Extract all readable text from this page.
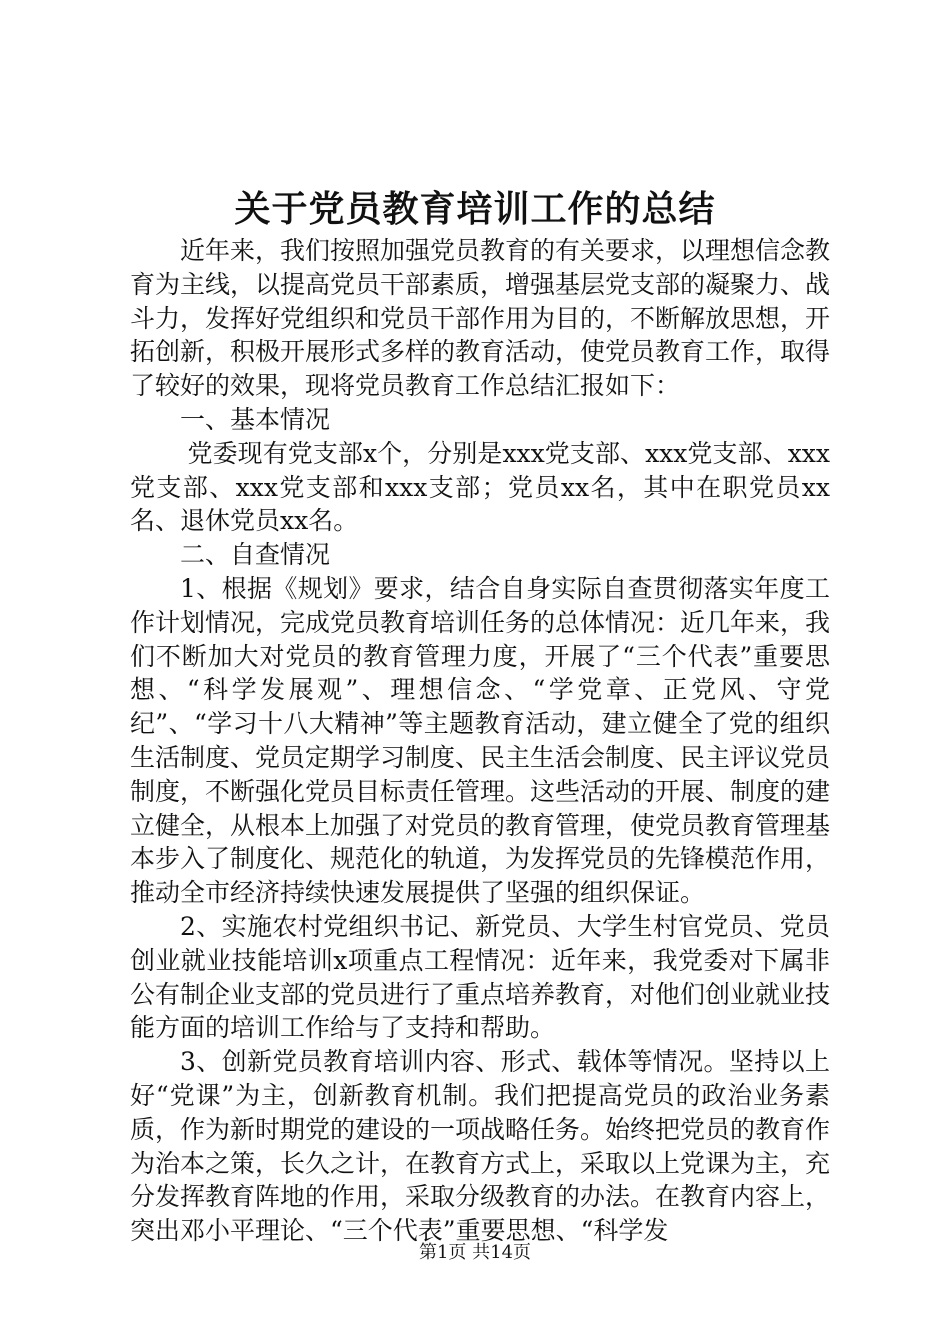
关于党员教育培训工作的总结

近年来，我们按照加强党员教育的有关要求，以理想信念教育为主线，以提高党员干部素质，增强基层党支部的凝聚力、战斗力，发挥好党组织和党员干部作用为目的，不断解放思想，开拓创新，积极开展形式多样的教育活动，使党员教育工作，取得了较好的效果，现将党员教育工作总结汇报如下：

一、基本情况

党委现有党支部x个，分别是xxx党支部、xxx党支部、xxx党支部、xxx党支部和xxx支部；党员xx名，其中在职党员xx名、退休党员xx名。

二、自查情况

1、根据《规划》要求，结合自身实际自查贯彻落实年度工作计划情况，完成党员教育培训任务的总体情况：近几年来，我们不断加大对党员的教育管理力度，开展了“三个代表”重要思想、“科学发展观”、理想信念、“学党章、正党风、守党纪”、“学习十八大精神”等主题教育活动，建立健全了党的组织生活制度、党员定期学习制度、民主生活会制度、民主评议党员制度，不断强化党员目标责任管理。这些活动的开展、制度的建立健全，从根本上加强了对党员的教育管理，使党员教育管理基本步入了制度化、规范化的轨道，为发挥党员的先锋模范作用，推动全市经济持续快速发展提供了坚强的组织保证。

2、实施农村党组织书记、新党员、大学生村官党员、党员创业就业技能培训x项重点工程情况：近年来，我党委对下属非公有制企业支部的党员进行了重点培养教育，对他们创业就业技能方面的培训工作给与了支持和帮助。

3、创新党员教育培训内容、形式、载体等情况。坚持以上好“党课”为主，创新教育机制。我们把提高党员的政治业务素质，作为新时期党的建设的一项战略任务。始终把党员的教育作为治本之策，长久之计，在教育方式上，采取以上党课为主，充分发挥教育阵地的作用，采取分级教育的办法。在教育内容上，突出邓小平理论、“三个代表”重要思想、“科学发

第1页 共14页
